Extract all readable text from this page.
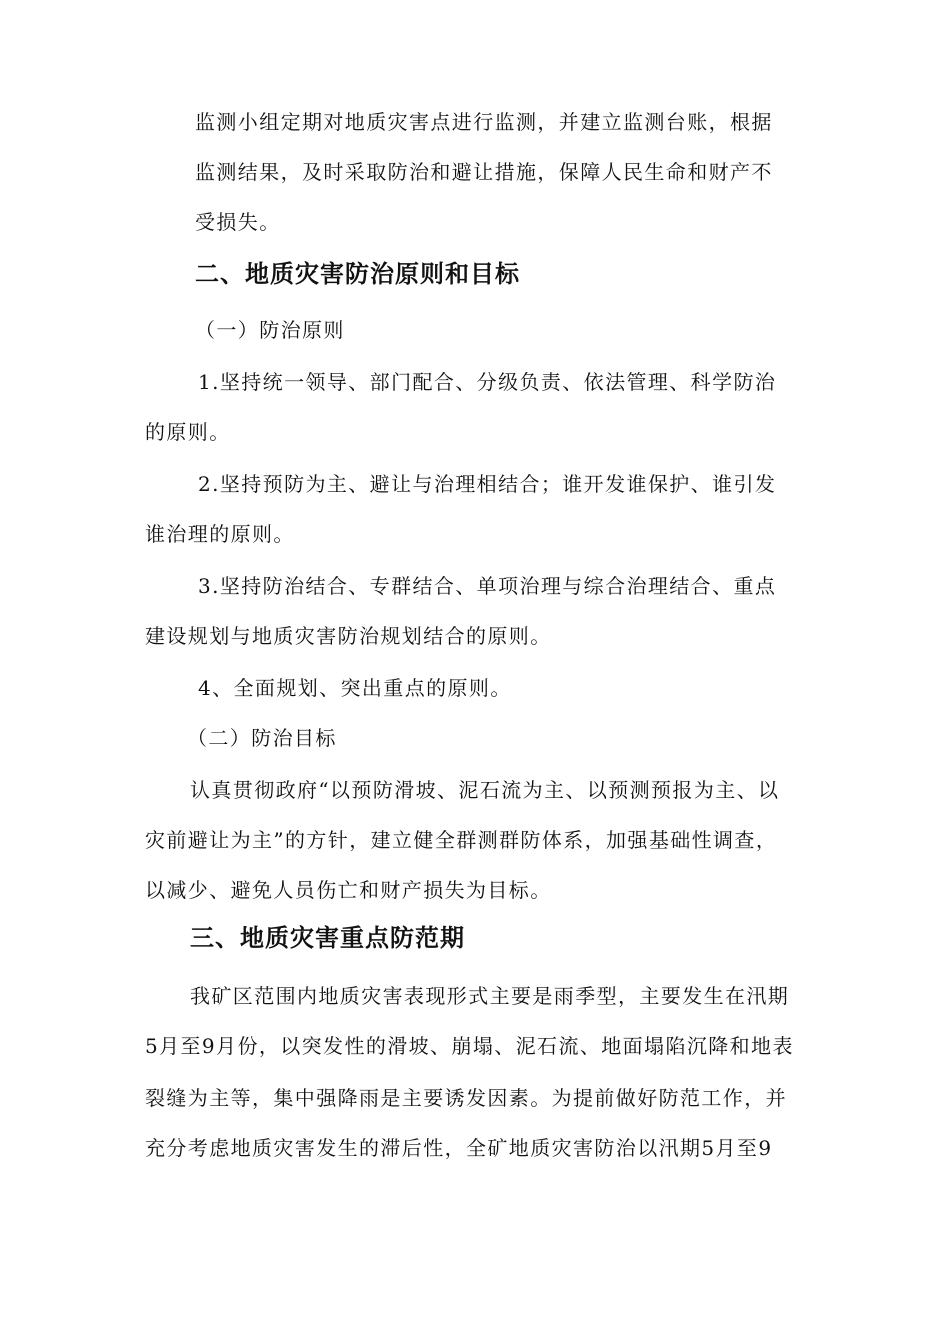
监测小组定期对地质灾害点进行监测，并建立监测台账，根据
监测结果，及时采取防治和避让措施，保障人民生命和财产不
受损失。
二、地质灾害防治原则和目标
（一）防治原则
1.坚持统一领导、部门配合、分级负责、依法管理、科学防治
的原则。
2.坚持预防为主、避让与治理相结合；谁开发谁保护、谁引发
谁治理的原则。
3.坚持防治结合、专群结合、单项治理与综合治理结合、重点
建设规划与地质灾害防治规划结合的原则。
4、全面规划、突出重点的原则。
（二）防治目标
认真贯彻政府“以预防滑坡、泥石流为主、以预测预报为主、以
灾前避让为主”的方针，建立健全群测群防体系，加强基础性调查，
以减少、避免人员伤亡和财产损失为目标。
三、地质灾害重点防范期
我矿区范围内地质灾害表现形式主要是雨季型，主要发生在汛期
5月至9月份，以突发性的滑坡、崩塌、泥石流、地面塌陷沉降和地表
裂缝为主等，集中强降雨是主要诱发因素。为提前做好防范工作，并
充分考虑地质灾害发生的滞后性，全矿地质灾害防治以汛期5月至9
